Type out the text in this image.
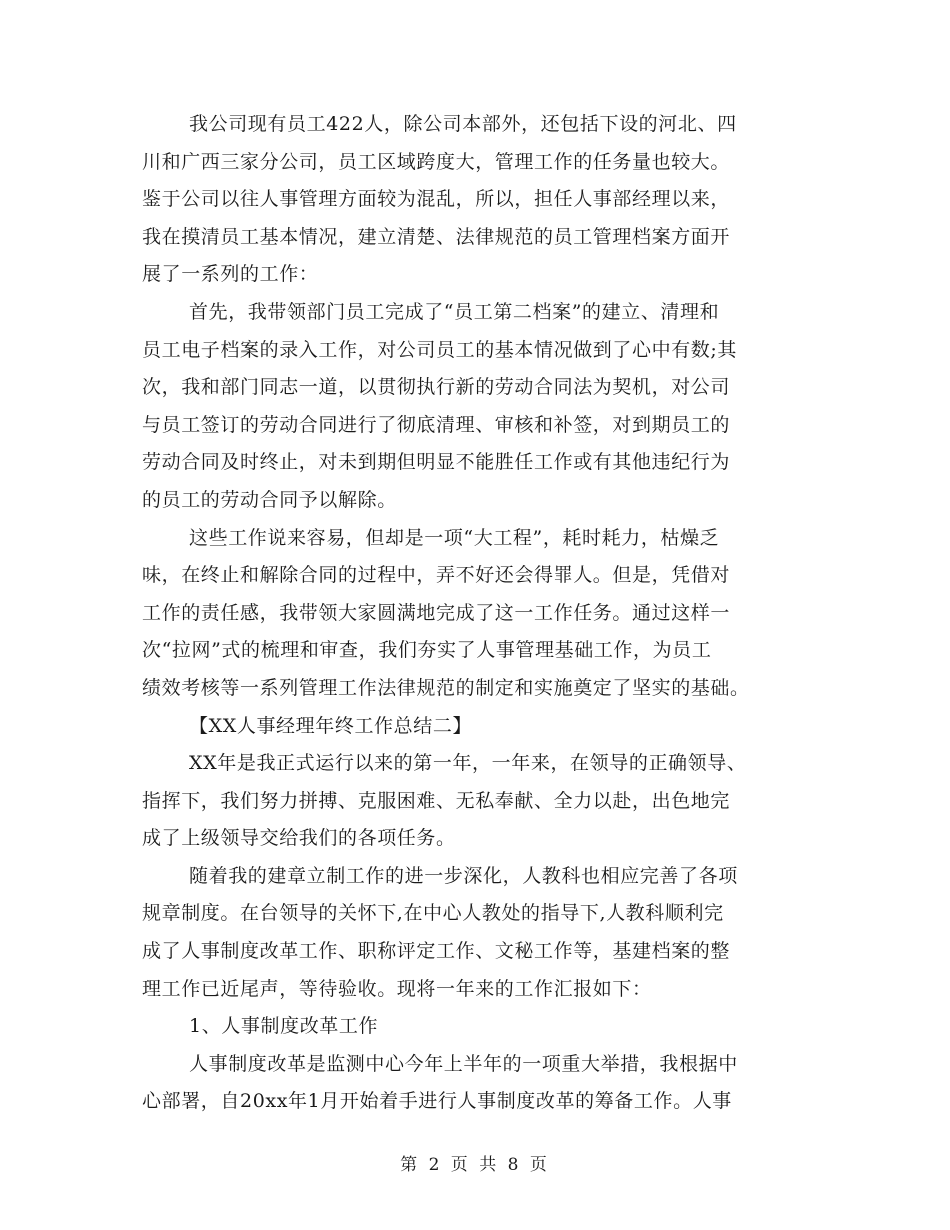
我公司现有员工422人，除公司本部外，还包括下设的河北、四
川和广西三家分公司，员工区域跨度大，管理工作的任务量也较大。
鉴于公司以往人事管理方面较为混乱，所以，担任人事部经理以来，
我在摸清员工基本情况，建立清楚、法律规范的员工管理档案方面开
展了一系列的工作：
首先，我带领部门员工完成了“员工第二档案”的建立、清理和
员工电子档案的录入工作，对公司员工的基本情况做到了心中有数;其
次，我和部门同志一道，以贯彻执行新的劳动合同法为契机，对公司
与员工签订的劳动合同进行了彻底清理、审核和补签，对到期员工的
劳动合同及时终止，对未到期但明显不能胜任工作或有其他违纪行为
的员工的劳动合同予以解除。
这些工作说来容易，但却是一项“大工程”，耗时耗力，枯燥乏
味，在终止和解除合同的过程中，弄不好还会得罪人。但是，凭借对
工作的责任感，我带领大家圆满地完成了这一工作任务。通过这样一
次“拉网”式的梳理和审查，我们夯实了人事管理基础工作，为员工
绩效考核等一系列管理工作法律规范的制定和实施奠定了坚实的基础。
【XX人事经理年终工作总结二】
XX年是我正式运行以来的第一年，一年来，在领导的正确领导、
指挥下，我们努力拼搏、克服困难、无私奉献、全力以赴，出色地完
成了上级领导交给我们的各项任务。
随着我的建章立制工作的进一步深化，人教科也相应完善了各项
规章制度。在台领导的关怀下,在中心人教处的指导下,人教科顺利完
成了人事制度改革工作、职称评定工作、文秘工作等，基建档案的整
理工作已近尾声，等待验收。现将一年来的工作汇报如下：
1、人事制度改革工作
人事制度改革是监测中心今年上半年的一项重大举措，我根据中
心部署，自20xx年1月开始着手进行人事制度改革的筹备工作。人事
第 2 页 共 8 页
